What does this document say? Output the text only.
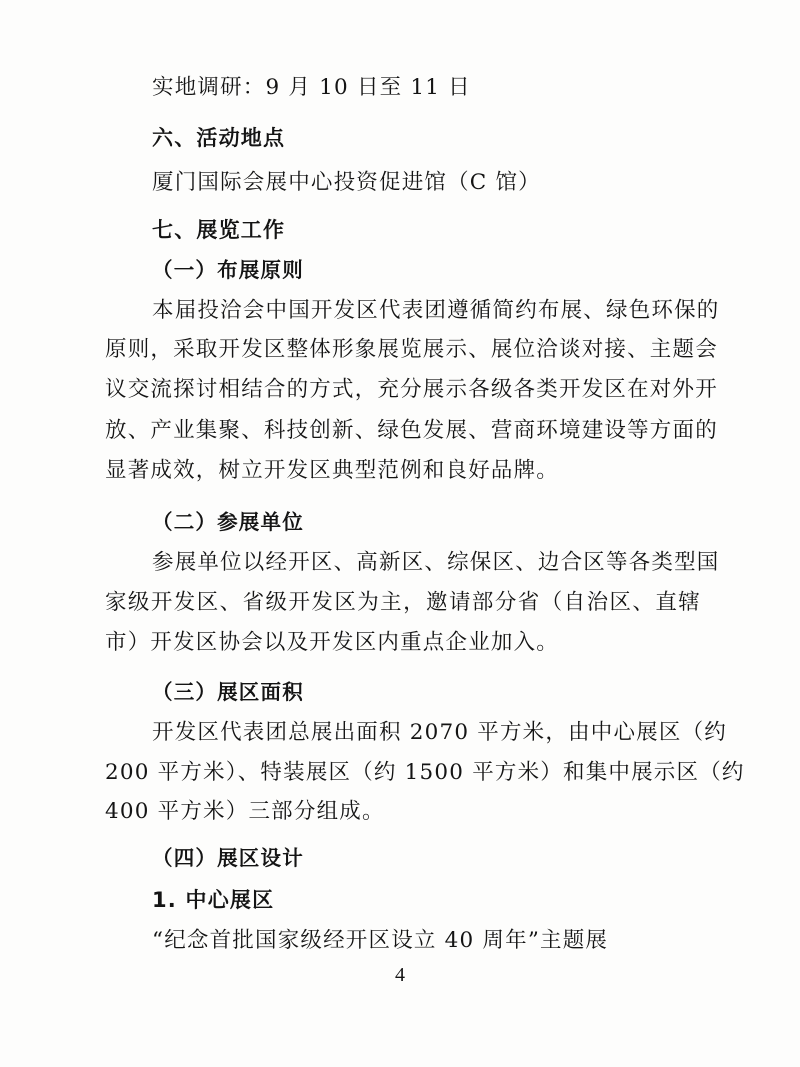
实地调研：9 月 10 日至 11 日
六、活动地点
厦门国际会展中心投资促进馆（C 馆）
七、展览工作
（一）布展原则
本届投洽会中国开发区代表团遵循简约布展、绿色环保的
原则，采取开发区整体形象展览展示、展位洽谈对接、主题会
议交流探讨相结合的方式，充分展示各级各类开发区在对外开
放、产业集聚、科技创新、绿色发展、营商环境建设等方面的
显著成效，树立开发区典型范例和良好品牌。
（二）参展单位
参展单位以经开区、高新区、综保区、边合区等各类型国
家级开发区、省级开发区为主，邀请部分省（自治区、直辖
市）开发区协会以及开发区内重点企业加入。
（三）展区面积
开发区代表团总展出面积 2070 平方米，由中心展区（约
200 平方米）、特装展区（约 1500 平方米）和集中展示区（约
4
400 平方米）三部分组成。
（四）展区设计
1. 中心展区
“纪念首批国家级经开区设立 40 周年”主题展
